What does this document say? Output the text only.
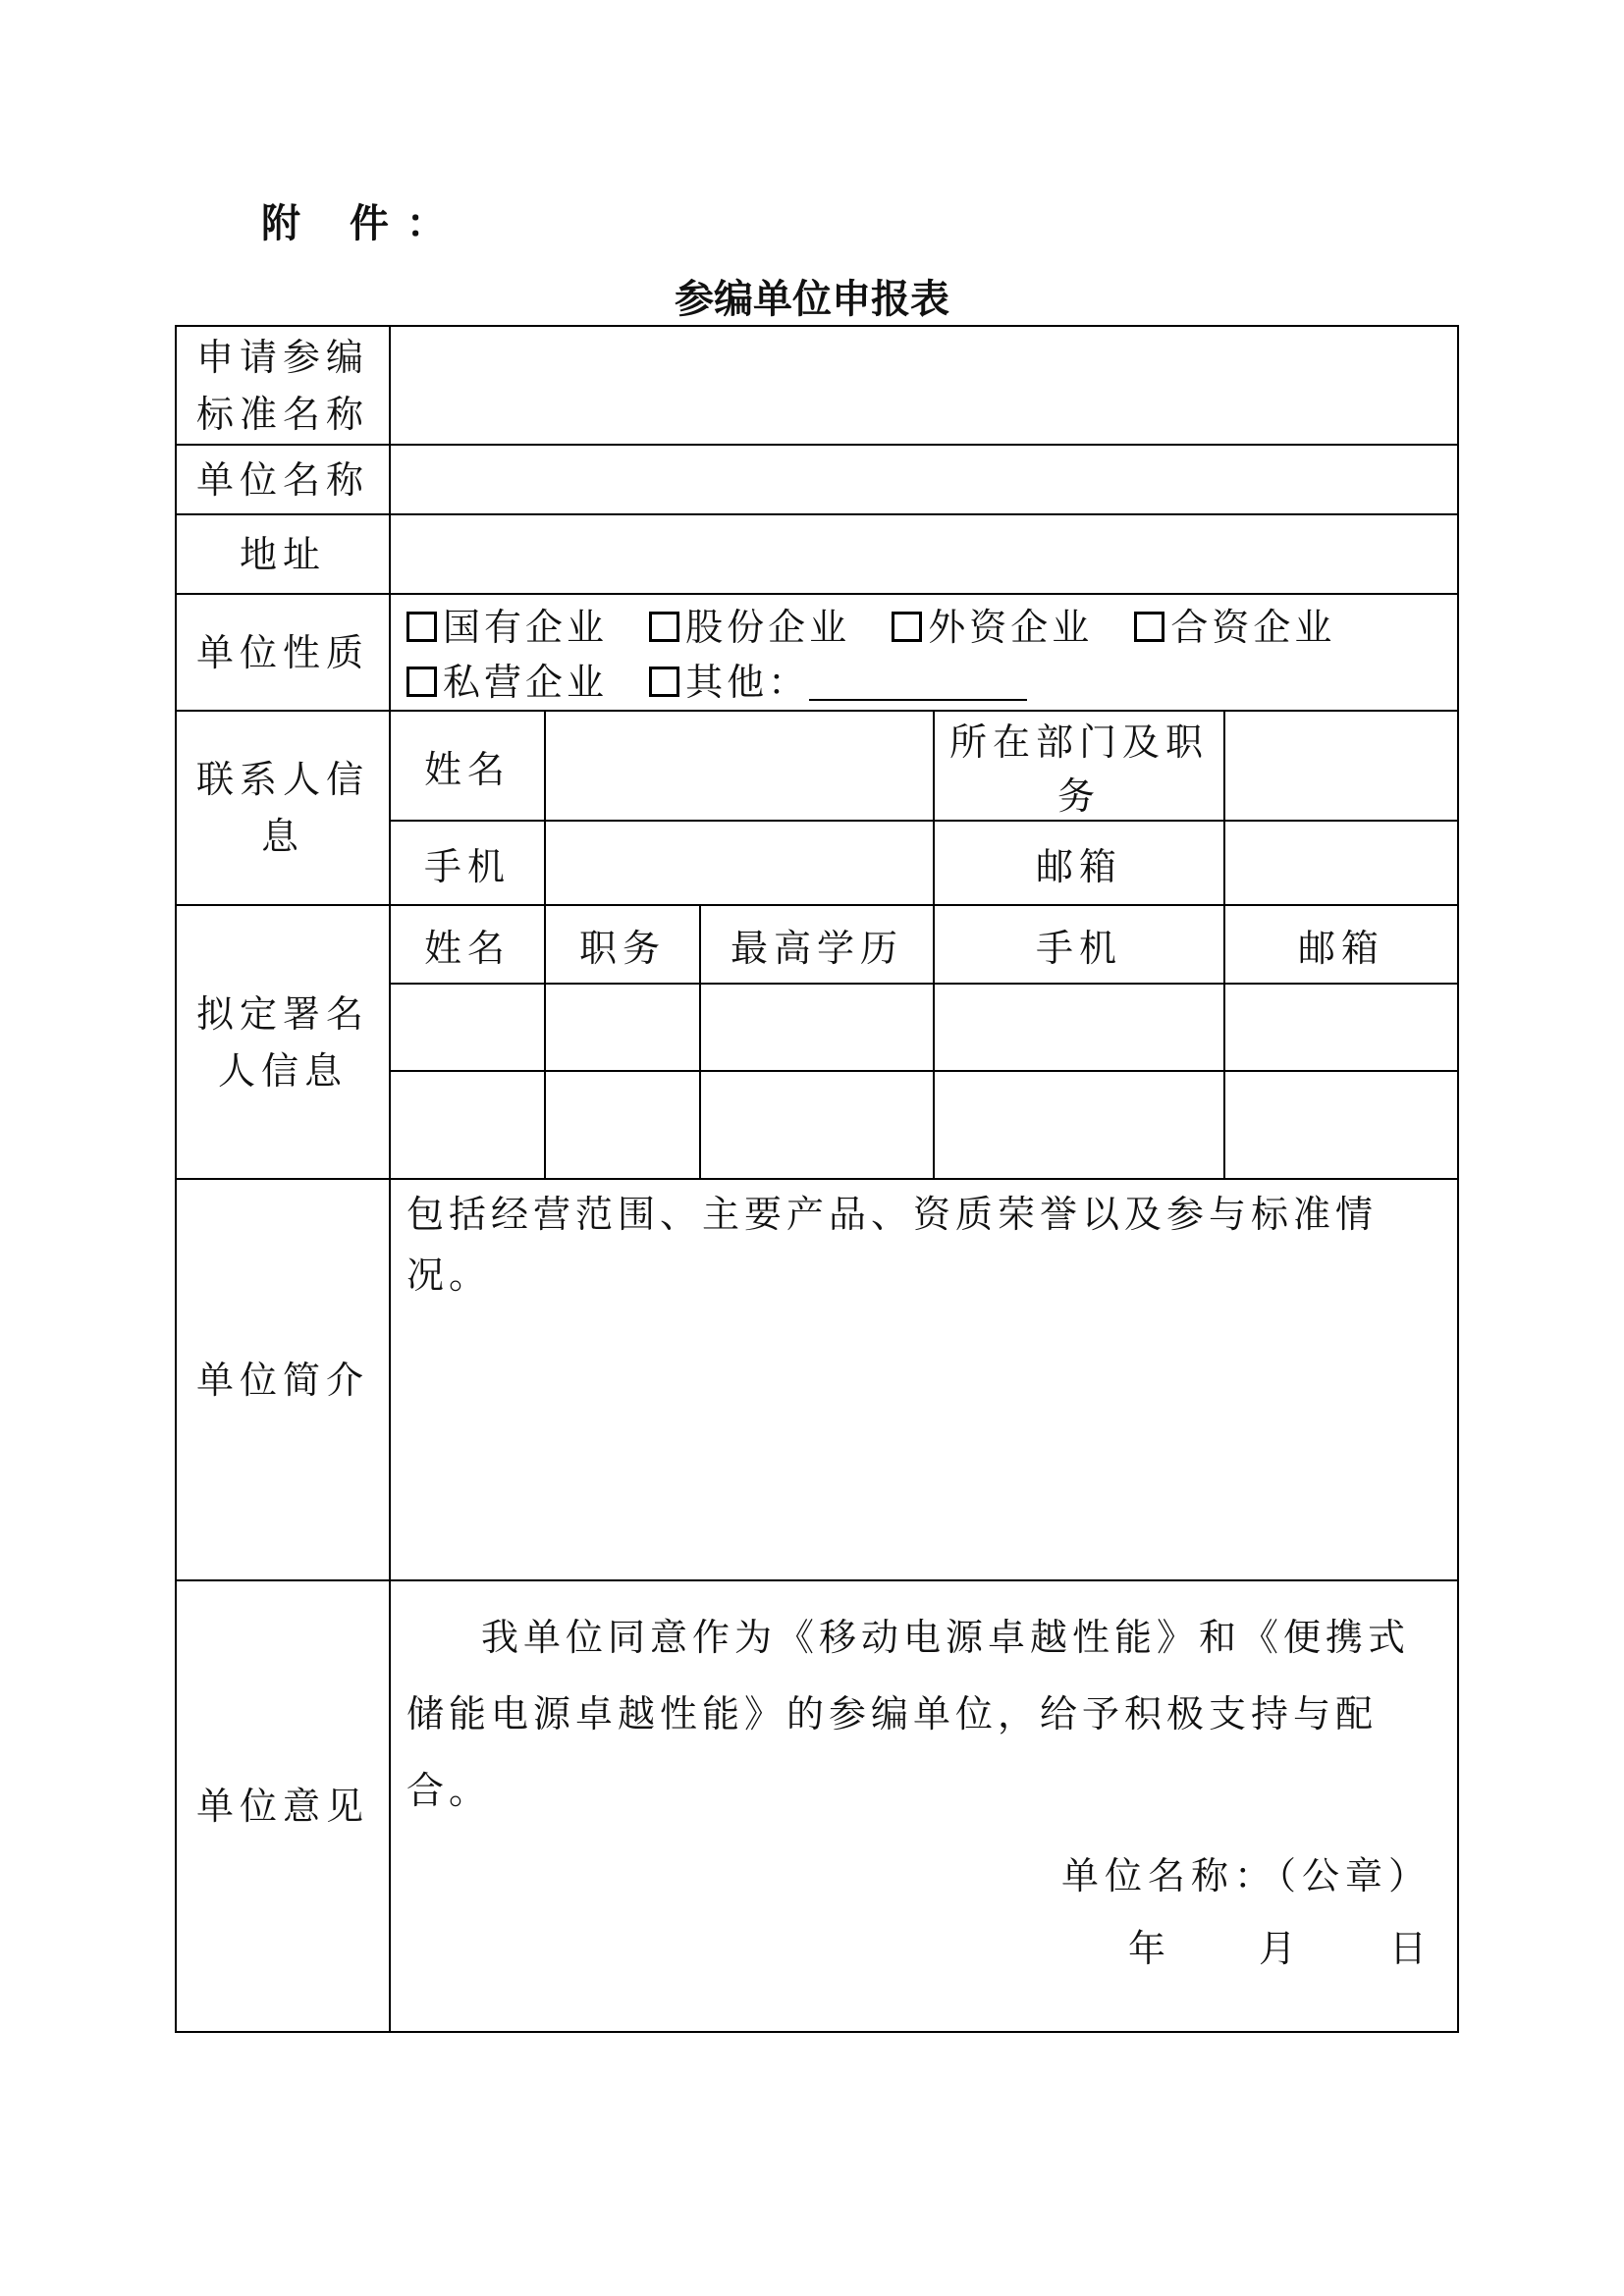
附 件：
参编单位申报表
申请参编标准名称					
单位名称					
地址					
单位性质	国有企业 股份企业 外资企业 合资企业
私营企业 其他：				
联系人信息	姓名			所在部门及职务	
	手机			邮箱	
拟定署名人信息	姓名	职务	最高学历	手机	邮箱

单位简介	包括经营范围、主要产品、资质荣誉以及参与标准情况。				
单位意见	我单位同意作为《移动电源卓越性能》和《便携式储能电源卓越性能》的参编单位，给予积极支持与配合。

单位名称：（公章）
年 月 日				
